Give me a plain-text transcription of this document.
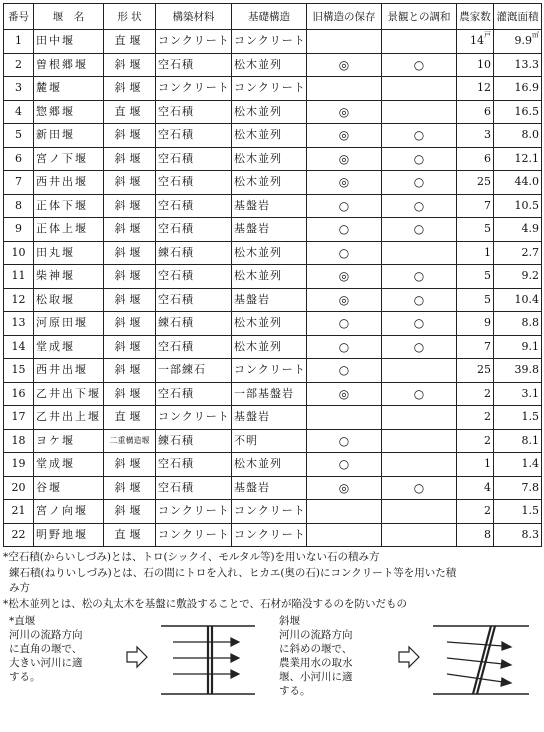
番号	堰　名	形 状	構築材料	基礎構造	旧構造の保存	景観との調和	農家数	灌漑面積
1	田中堰	直堰	コンクリート	コンクリート			$14^戸$	9.9㎡
2	曽根郷堰	斜堰	空石積	松木並列	◎	○	10	13.3
3	麓堰	斜堰	コンクリート	コンクリート			12	16.9
4	惣郷堰	直堰	空石積	松木並列	◎		6	16.5
5	新田堰	斜堰	空石積	松木並列	◎	○	3	8.0
6	宮ノ下堰	斜堰	空石積	松木並列	◎	○	6	12.1
7	西井出堰	斜堰	空石積	松木並列	◎	○	25	44.0
8	正体下堰	斜堰	空石積	基盤岩	○	○	7	10.5
9	正体上堰	斜堰	空石積	基盤岩	○	○	5	4.9
10	田丸堰	斜堰	練石積	松木並列	○		1	2.7
11	柴神堰	斜堰	空石積	松木並列	◎	○	5	9.2
12	松取堰	斜堰	空石積	基盤岩	◎	○	5	10.4
13	河原田堰	斜堰	練石積	松木並列	○	○	9	8.8
14	堂成堰	斜堰	空石積	松木並列	○	○	7	9.1
15	西井出堰	斜堰	一部練石	コンクリート	○		25	39.8
16	乙井出下堰	斜堰	空石積	一部基盤岩	◎	○	2	3.1
17	乙井出上堰	直堰	コンクリート	基盤岩			2	1.5
18	ヨケ堰	二重構造堰	練石積	不明	○		2	8.1
19	堂成堰	斜堰	空石積	松木並列	○		1	1.4
20	谷堰	斜堰	空石積	基盤岩	◎	○	4	7.8
21	宮ノ向堰	斜堰	コンクリート	コンクリート			2	1.5
22	明野地堰	直堰	コンクリート	コンクリート			8	8.3

*空石積(からいしづみ)とは、トロ(シックイ、モルタル等)を用いない石の積み方

練石積(ねりいしづみ)とは、石の間にトロを入れ、ヒカエ(奥の石)にコンクリート等を用いた積

み方

*松木並列とは、松の丸太木を基盤に敷設することで、石材が陥没するのを防いだもの

*直堰

河川の流路方向

に直角の堰で、

大きい河川に適

する。

斜堰

河川の流路方向

に斜めの堰で、

農業用水の取水

堰、小河川に適

する。
